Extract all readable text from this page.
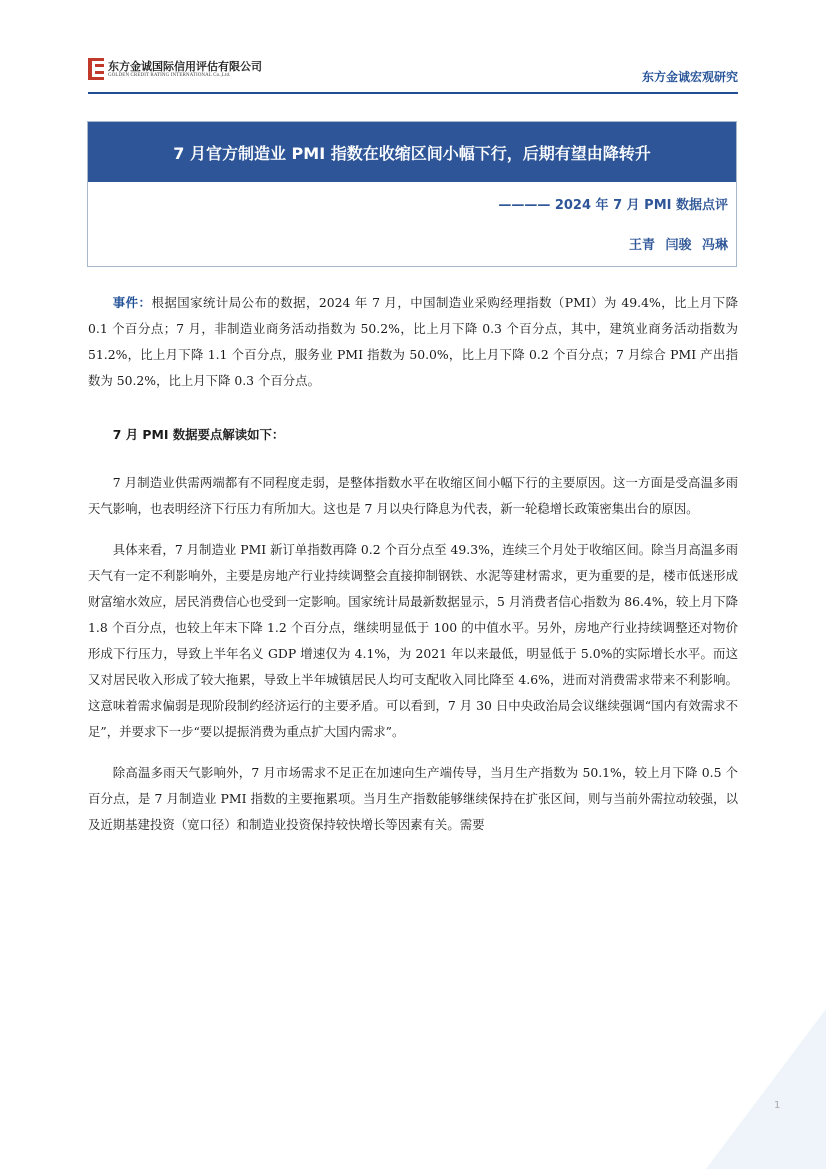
东方金诚国际信用评估有限公司
GOLDEN CREDIT RATING INTERNATIONAL Co.,Ltd.	东方金诚宏观研究
7 月官方制造业 PMI 指数在收缩区间小幅下行，后期有望由降转升
———— 2024 年 7 月 PMI 数据点评
王青 闫骏 冯琳

事件：根据国家统计局公布的数据，2024 年 7 月，中国制造业采购经理指数（PMI）为 49.4%，比上月下降 0.1 个百分点；7 月，非制造业商务活动指数为 50.2%，比上月下降 0.3 个百分点，其中，建筑业商务活动指数为 51.2%，比上月下降 1.1 个百分点，服务业 PMI 指数为 50.0%，比上月下降 0.2 个百分点；7 月综合 PMI 产出指数为 50.2%，比上月下降 0.3 个百分点。

7 月 PMI 数据要点解读如下：

7 月制造业供需两端都有不同程度走弱，是整体指数水平在收缩区间小幅下行的主要原因。这一方面是受高温多雨天气影响，也表明经济下行压力有所加大。这也是 7 月以央行降息为代表，新一轮稳增长政策密集出台的原因。

具体来看，7 月制造业 PMI 新订单指数再降 0.2 个百分点至 49.3%，连续三个月处于收缩区间。除当月高温多雨天气有一定不利影响外，主要是房地产行业持续调整会直接抑制钢铁、水泥等建材需求，更为重要的是，楼市低迷形成财富缩水效应，居民消费信心也受到一定影响。国家统计局最新数据显示，5 月消费者信心指数为 86.4%，较上月下降 1.8 个百分点，也较上年末下降 1.2 个百分点，继续明显低于 100 的中值水平。另外，房地产行业持续调整还对物价形成下行压力，导致上半年名义 GDP 增速仅为 4.1%，为 2021 年以来最低，明显低于 5.0%的实际增长水平。而这又对居民收入形成了较大拖累，导致上半年城镇居民人均可支配收入同比降至 4.6%，进而对消费需求带来不利影响。这意味着需求偏弱是现阶段制约经济运行的主要矛盾。可以看到，7 月 30 日中央政治局会议继续强调“国内有效需求不足”，并要求下一步“要以提振消费为重点扩大国内需求”。

除高温多雨天气影响外，7 月市场需求不足正在加速向生产端传导，当月生产指数为 50.1%，较上月下降 0.5 个百分点，是 7 月制造业 PMI 指数的主要拖累项。当月生产指数能够继续保持在扩张区间，则与当前外需拉动较强，以及近期基建投资（宽口径）和制造业投资保持较快增长等因素有关。需要

1
